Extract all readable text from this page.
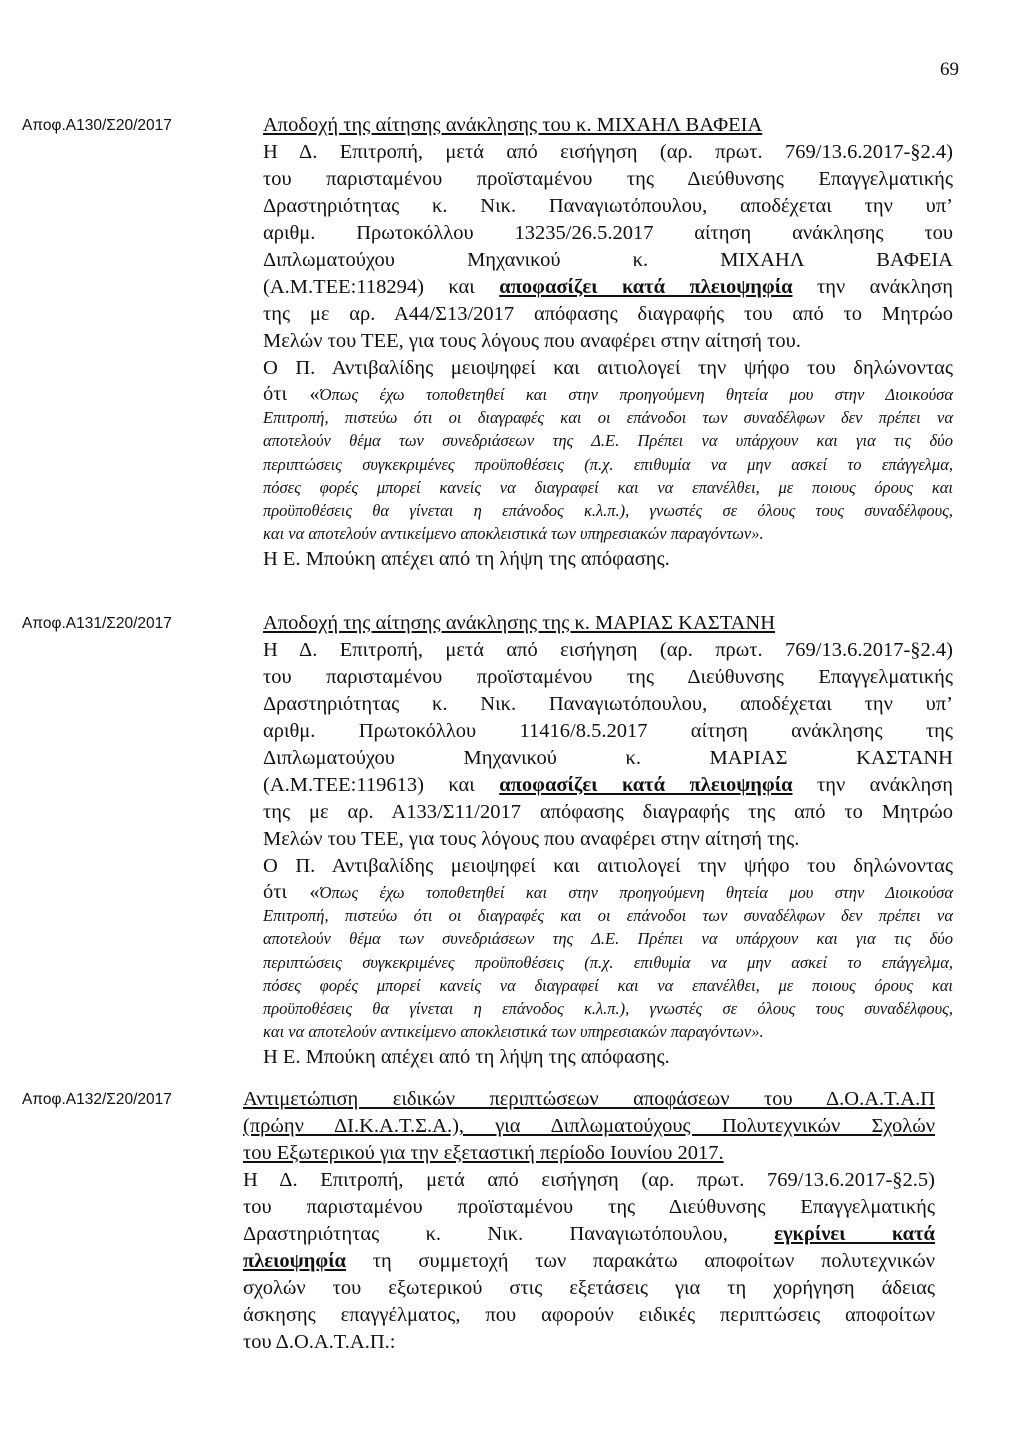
69
Αποφ.Α130/Σ20/2017	Αποδοχή της αίτησης ανάκλησης του κ. ΜΙΧΑΗΛ ΒΑΦΕΙΑ
Η Δ. Επιτροπή, μετά από εισήγηση (αρ. πρωτ. 769/13.6.2017-§2.4)
του παρισταμένου προϊσταμένου της Διεύθυνσης Επαγγελματικής
Δραστηριότητας κ. Νικ. Παναγιωτόπουλου, αποδέχεται την υπ’
αριθμ. Πρωτοκόλλου 13235/26.5.2017 αίτηση ανάκλησης του
Διπλωματούχου Μηχανικού κ. ΜΙΧΑΗΛ ΒΑΦΕΙΑ
(Α.Μ.ΤΕΕ:118294) και αποφασίζει κατά πλειοψηφία την ανάκληση
της με αρ. Α44/Σ13/2017 απόφασης διαγραφής του από το Μητρώο
Μελών του ΤΕΕ, για τους λόγους που αναφέρει στην αίτησή του.
Ο Π. Αντιβαλίδης μειοψηφεί και αιτιολογεί την ψήφο του δηλώνοντας
ότι «Όπως έχω τοποθετηθεί και στην προηγούμενη θητεία μου στην Διοικούσα
Επιτροπή, πιστεύω ότι οι διαγραφές και οι επάνοδοι των συναδέλφων δεν πρέπει να
αποτελούν θέμα των συνεδριάσεων της Δ.Ε. Πρέπει να υπάρχουν και για τις δύο
περιπτώσεις συγκεκριμένες προϋποθέσεις (π.χ. επιθυμία να μην ασκεί το επάγγελμα,
πόσες φορές μπορεί κανείς να διαγραφεί και να επανέλθει, με ποιους όρους και
προϋποθέσεις θα γίνεται η επάνοδος κ.λ.π.), γνωστές σε όλους τους συναδέλφους,
και να αποτελούν αντικείμενο αποκλειστικά των υπηρεσιακών παραγόντων».
Η Ε. Μπούκη απέχει από τη λήψη της απόφασης.
Αποφ.Α131/Σ20/2017	Αποδοχή της αίτησης ανάκλησης της κ. ΜΑΡΙΑΣ ΚΑΣΤΑΝΗ
Η Δ. Επιτροπή, μετά από εισήγηση (αρ. πρωτ. 769/13.6.2017-§2.4)
του παρισταμένου προϊσταμένου της Διεύθυνσης Επαγγελματικής
Δραστηριότητας κ. Νικ. Παναγιωτόπουλου, αποδέχεται την υπ’
αριθμ. Πρωτοκόλλου 11416/8.5.2017 αίτηση ανάκλησης της
Διπλωματούχου Μηχανικού κ. ΜΑΡΙΑΣ ΚΑΣΤΑΝΗ
(Α.Μ.ΤΕΕ:119613) και αποφασίζει κατά πλειοψηφία την ανάκληση
της με αρ. Α133/Σ11/2017 απόφασης διαγραφής της από το Μητρώο
Μελών του ΤΕΕ, για τους λόγους που αναφέρει στην αίτησή της.
Ο Π. Αντιβαλίδης μειοψηφεί και αιτιολογεί την ψήφο του δηλώνοντας
ότι «Όπως έχω τοποθετηθεί και στην προηγούμενη θητεία μου στην Διοικούσα
Επιτροπή, πιστεύω ότι οι διαγραφές και οι επάνοδοι των συναδέλφων δεν πρέπει να
αποτελούν θέμα των συνεδριάσεων της Δ.Ε. Πρέπει να υπάρχουν και για τις δύο
περιπτώσεις συγκεκριμένες προϋποθέσεις (π.χ. επιθυμία να μην ασκεί το επάγγελμα,
πόσες φορές μπορεί κανείς να διαγραφεί και να επανέλθει, με ποιους όρους και
προϋποθέσεις θα γίνεται η επάνοδος κ.λ.π.), γνωστές σε όλους τους συναδέλφους,
και να αποτελούν αντικείμενο αποκλειστικά των υπηρεσιακών παραγόντων».
Η Ε. Μπούκη απέχει από τη λήψη της απόφασης.
Αποφ.Α132/Σ20/2017	Αντιμετώπιση ειδικών περιπτώσεων αποφάσεων του Δ.Ο.Α.Τ.Α.Π
(πρώην ΔΙ.Κ.Α.Τ.Σ.Α.), για Διπλωματούχους Πολυτεχνικών Σχολών
του Εξωτερικού για την εξεταστική περίοδο Ιουνίου 2017.
Η Δ. Επιτροπή, μετά από εισήγηση (αρ. πρωτ. 769/13.6.2017-§2.5)
του παρισταμένου προϊσταμένου της Διεύθυνσης Επαγγελματικής
Δραστηριότητας κ. Νικ. Παναγιωτόπουλου, εγκρίνει κατά
πλειοψηφία τη συμμετοχή των παρακάτω αποφοίτων πολυτεχνικών
σχολών του εξωτερικού στις εξετάσεις για τη χορήγηση άδειας
άσκησης επαγγέλματος, που αφορούν ειδικές περιπτώσεις αποφοίτων
του Δ.Ο.Α.Τ.Α.Π.:
